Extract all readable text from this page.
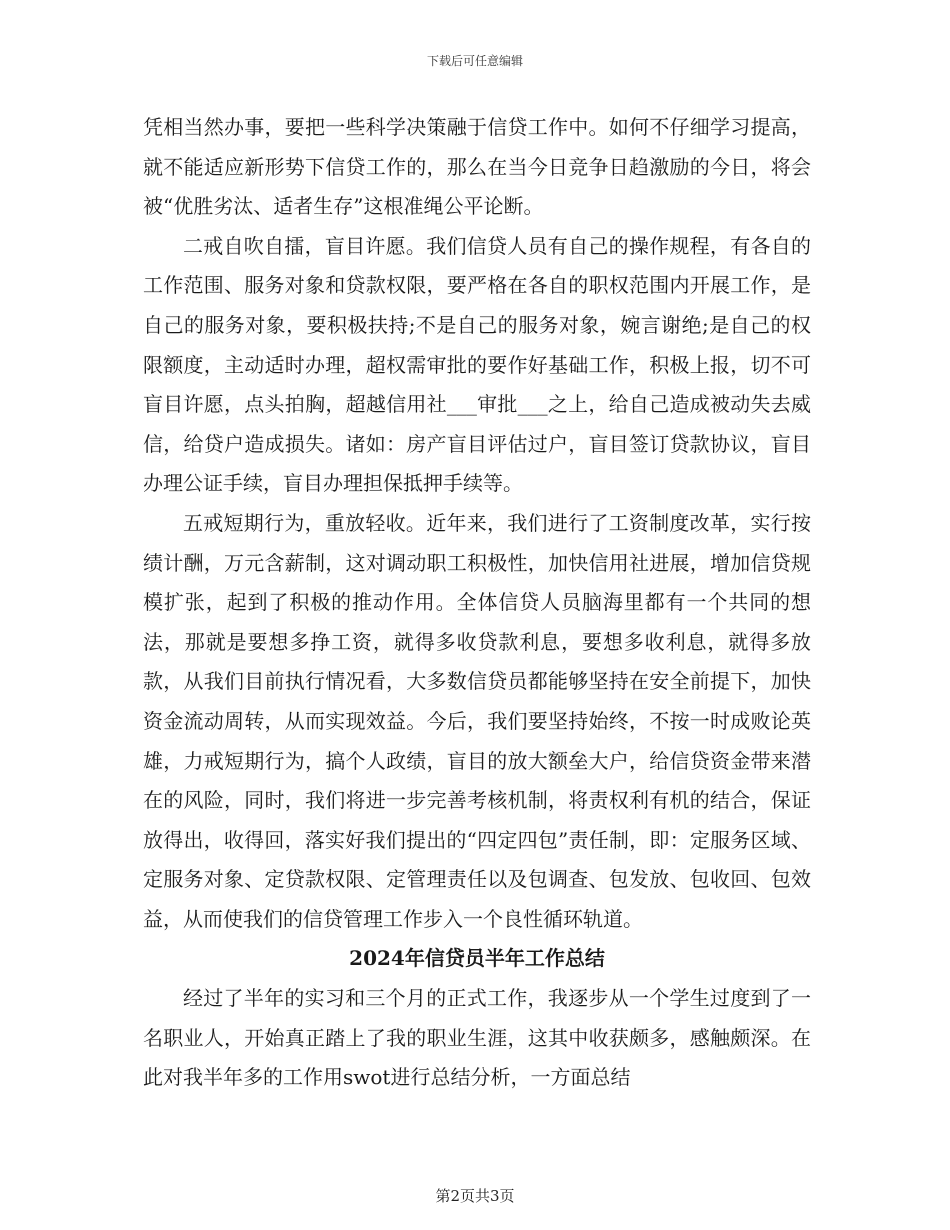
下载后可任意编辑

凭相当然办事，要把一些科学决策融于信贷工作中。如何不仔细学习提高，就不能适应新形势下信贷工作的，那么在当今日竞争日趋激励的今日，将会被“优胜劣汰、适者生存”这根准绳公平论断。

二戒自吹自擂，盲目许愿。我们信贷人员有自己的操作规程，有各自的工作范围、服务对象和贷款权限，要严格在各自的职权范围内开展工作，是自己的服务对象，要积极扶持;不是自己的服务对象，婉言谢绝;是自己的权限额度，主动适时办理，超权需审批的要作好基础工作，积极上报，切不可盲目许愿，点头拍胸，超越信用社___审批___之上，给自己造成被动失去威信，给贷户造成损失。诸如：房产盲目评估过户，盲目签订贷款协议，盲目办理公证手续，盲目办理担保抵押手续等。

五戒短期行为，重放轻收。近年来，我们进行了工资制度改革，实行按绩计酬，万元含薪制，这对调动职工积极性，加快信用社进展，增加信贷规模扩张，起到了积极的推动作用。全体信贷人员脑海里都有一个共同的想法，那就是要想多挣工资，就得多收贷款利息，要想多收利息，就得多放款，从我们目前执行情况看，大多数信贷员都能够坚持在安全前提下，加快资金流动周转，从而实现效益。今后，我们要坚持始终，不按一时成败论英雄，力戒短期行为，搞个人政绩，盲目的放大额垒大户，给信贷资金带来潜在的风险，同时，我们将进一步完善考核机制，将责权利有机的结合，保证放得出，收得回，落实好我们提出的“四定四包”责任制，即：定服务区域、定服务对象、定贷款权限、定管理责任以及包调查、包发放、包收回、包效益，从而使我们的信贷管理工作步入一个良性循环轨道。

2024年信贷员半年工作总结

经过了半年的实习和三个月的正式工作，我逐步从一个学生过度到了一名职业人，开始真正踏上了我的职业生涯，这其中收获颇多，感触颇深。在此对我半年多的工作用swot进行总结分析，一方面总结

第2页共3页
